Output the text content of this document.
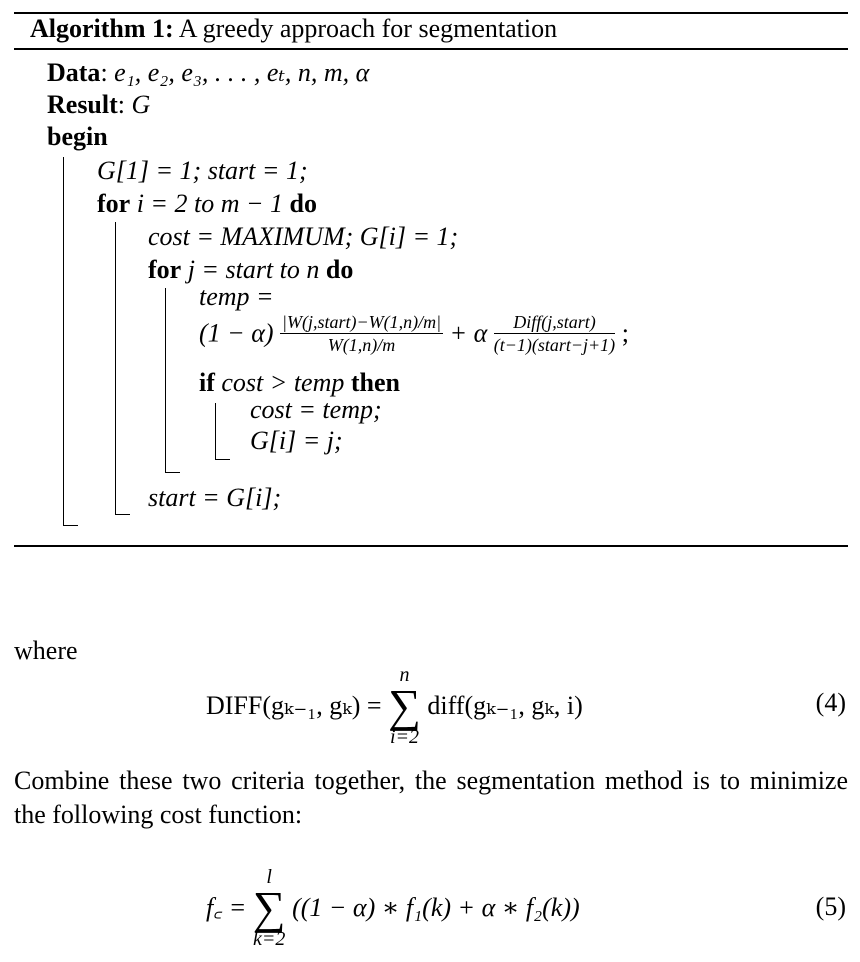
Algorithm 1: A greedy approach for segmentation
Data: e₁, e₂, e₃, . . . , eₜ, n, m, α
Result: G
begin
G[1] = 1; start = 1;
for i = 2 to m − 1 do
cost = MAXIMUM; G[i] = 1;
for j = start to n do
temp =
$(1 - \alpha) \frac{\text{|W(j,start)−W(1,n)/m|}}{W(1,n)/m} + \alpha \frac{\text{Diff(j,start)}}{\text{(t−1)(start−j+1)}}$ ;
if cost > temp then
cost = temp;
G[i] = j;
start = G[i];
where
DIFF(gₖ₋₁, gₖ) =
n
∑
i=2
diff(gₖ₋₁, gₖ, i)	(4)
Combine these two criteria together, the segmentation method is to minimize the following cost function:
f꜀ =
l
∑
k=2
((1 − α) ∗ f₁(k) + α ∗ f₂(k))	(5)
